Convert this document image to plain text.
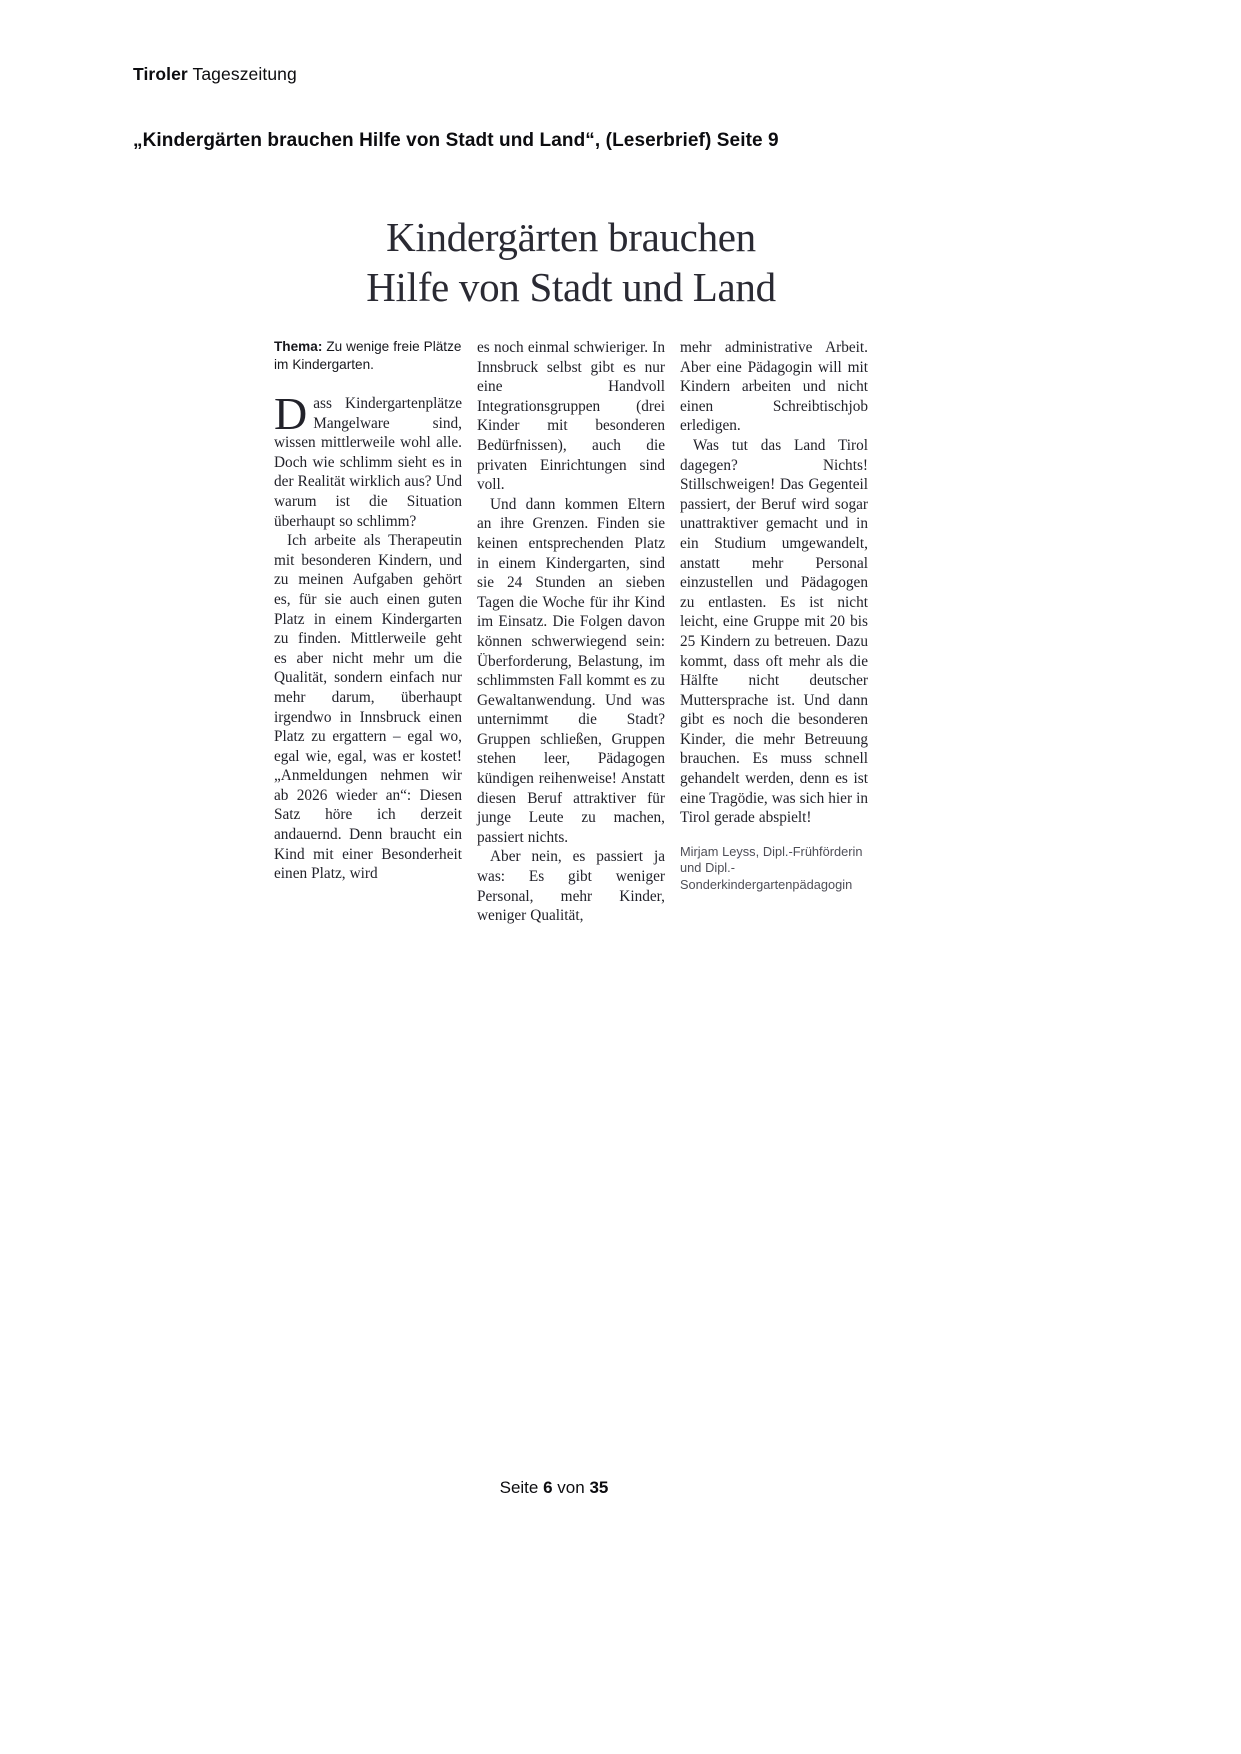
Tiroler Tageszeitung
„Kindergärten brauchen Hilfe von Stadt und Land“, (Leserbrief) Seite 9
Kindergärten brauchen
Hilfe von Stadt und Land
Thema: Zu wenige freie Plätze im Kindergarten.

Dass Kindergartenplätze Mangelware sind, wissen mittlerweile wohl alle. Doch wie schlimm sieht es in der Realität wirklich aus? Und warum ist die Situation überhaupt so schlimm?

Ich arbeite als Therapeutin mit besonderen Kindern, und zu meinen Aufgaben gehört es, für sie auch einen guten Platz in einem Kindergarten zu finden. Mittlerweile geht es aber nicht mehr um die Qualität, sondern einfach nur mehr darum, überhaupt irgendwo in Innsbruck einen Platz zu ergattern – egal wo, egal wie, egal, was er kostet! „Anmeldungen nehmen wir ab 2026 wieder an“: Diesen Satz höre ich derzeit andauernd. Denn braucht ein Kind mit einer Besonderheit einen Platz, wird

es noch einmal schwieriger. In Innsbruck selbst gibt es nur eine Handvoll Integrationsgruppen (drei Kinder mit besonderen Bedürfnissen), auch die privaten Einrichtungen sind voll.

Und dann kommen Eltern an ihre Grenzen. Finden sie keinen entsprechenden Platz in einem Kindergarten, sind sie 24 Stunden an sieben Tagen die Woche für ihr Kind im Einsatz. Die Folgen davon können schwerwiegend sein: Überforderung, Belastung, im schlimmsten Fall kommt es zu Gewaltanwendung. Und was unternimmt die Stadt? Gruppen schließen, Gruppen stehen leer, Pädagogen kündigen reihenweise! Anstatt diesen Beruf attraktiver für junge Leute zu machen, passiert nichts.

Aber nein, es passiert ja was: Es gibt weniger Personal, mehr Kinder, weniger Qualität,

mehr administrative Arbeit. Aber eine Pädagogin will mit Kindern arbeiten und nicht einen Schreibtischjob erledigen.

Was tut das Land Tirol dagegen? Nichts! Stillschweigen! Das Gegenteil passiert, der Beruf wird sogar unattraktiver gemacht und in ein Studium umgewandelt, anstatt mehr Personal einzustellen und Pädagogen zu entlasten. Es ist nicht leicht, eine Gruppe mit 20 bis 25 Kindern zu betreuen. Dazu kommt, dass oft mehr als die Hälfte nicht deutscher Muttersprache ist. Und dann gibt es noch die besonderen Kinder, die mehr Betreuung brauchen. Es muss schnell gehandelt werden, denn es ist eine Tragödie, was sich hier in Tirol gerade abspielt!

Mirjam Leyss, Dipl.-Frühförderin und Dipl.-Sonderkindergartenpädagogin
Seite 6 von 35
